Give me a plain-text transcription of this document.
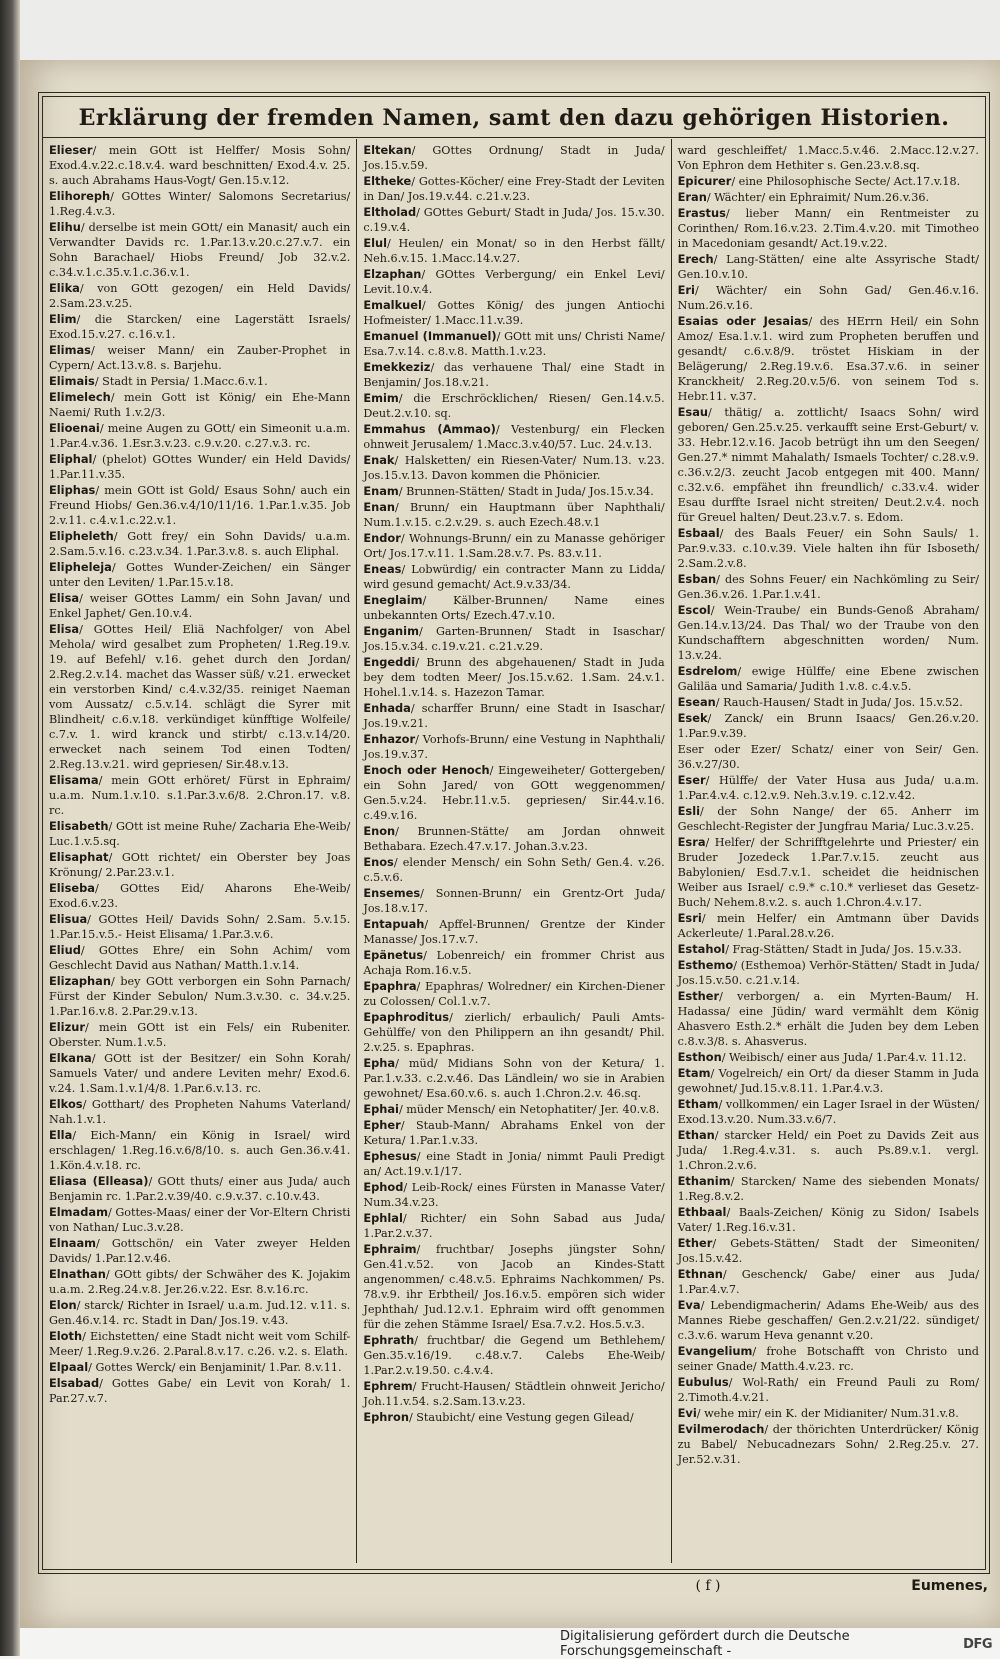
Erklärung der fremden Namen, samt den dazu gehörigen Historien.
Elieser/ mein GOtt ist Helffer/ Mosis Sohn/ Exod.4.v.22.c.18.v.4. ward beschnitten/ Exod.4.v. 25. s. auch Abrahams Haus-Vogt/ Gen.15.v.12.
Elihoreph/ GOttes Winter/ Salomons Secretarius/ 1.Reg.4.v.3.
Elihu/ derselbe ist mein GOtt/ ein Manasit/ auch ein Verwandter Davids rc. 1.Par.13.v.20.c.27.v.7. ein Sohn Barachael/ Hiobs Freund/ Job 32.v.2. c.34.v.1.c.35.v.1.c.36.v.1.
Elika/ von GOtt gezogen/ ein Held Davids/ 2.Sam.23.v.25.
Elim/ die Starcken/ eine Lagerstätt Israels/ Exod.15.v.27. c.16.v.1.
Elimas/ weiser Mann/ ein Zauber-Prophet in Cypern/ Act.13.v.8. s. Barjehu.
Elimais/ Stadt in Persia/ 1.Macc.6.v.1.
Elimelech/ mein Gott ist König/ ein Ehe-Mann Naemi/ Ruth 1.v.2/3.
Elioenai/ meine Augen zu GOtt/ ein Simeonit u.a.m. 1.Par.4.v.36. 1.Esr.3.v.23. c.9.v.20. c.27.v.3. rc.
Eliphal/ (phelot) GOttes Wunder/ ein Held Davids/ 1.Par.11.v.35.
Eliphas/ mein GOtt ist Gold/ Esaus Sohn/ auch ein Freund Hiobs/ Gen.36.v.4/10/11/16. 1.Par.1.v.35. Job 2.v.11. c.4.v.1.c.22.v.1.
Elipheleth/ Gott frey/ ein Sohn Davids/ u.a.m. 2.Sam.5.v.16. c.23.v.34. 1.Par.3.v.8. s. auch Eliphal.
Elipheleja/ Gottes Wunder-Zeichen/ ein Sänger unter den Leviten/ 1.Par.15.v.18.
Elisa/ weiser GOttes Lamm/ ein Sohn Javan/ und Enkel Japhet/ Gen.10.v.4.
Elisa/ GOttes Heil/ Eliä Nachfolger/ von Abel Mehola/ wird gesalbet zum Propheten/ 1.Reg.19.v. 19. auf Befehl/ v.16. gehet durch den Jordan/ 2.Reg.2.v.14. machet das Wasser süß/ v.21. erwecket ein verstorben Kind/ c.4.v.32/35. reiniget Naeman vom Aussatz/ c.5.v.14. schlägt die Syrer mit Blindheit/ c.6.v.18. verkündiget künfftige Wolfeile/ c.7.v. 1. wird kranck und stirbt/ c.13.v.14/20. erwecket nach seinem Tod einen Todten/ 2.Reg.13.v.21. wird gepriesen/ Sir.48.v.13.
Elisama/ mein GOtt erhöret/ Fürst in Ephraim/ u.a.m. Num.1.v.10. s.1.Par.3.v.6/8. 2.Chron.17. v.8. rc.
Elisabeth/ GOtt ist meine Ruhe/ Zacharia Ehe-Weib/ Luc.1.v.5.sq.
Elisaphat/ GOtt richtet/ ein Oberster bey Joas Krönung/ 2.Par.23.v.1.
Eliseba/ GOttes Eid/ Aharons Ehe-Weib/ Exod.6.v.23.
Elisua/ GOttes Heil/ Davids Sohn/ 2.Sam. 5.v.15. 1.Par.15.v.5.- Heist Elisama/ 1.Par.3.v.6.
Eliud/ GOttes Ehre/ ein Sohn Achim/ vom Geschlecht David aus Nathan/ Matth.1.v.14.
Elizaphan/ bey GOtt verborgen ein Sohn Parnach/ Fürst der Kinder Sebulon/ Num.3.v.30. c. 34.v.25. 1.Par.16.v.8. 2.Par.29.v.13.
Elizur/ mein GOtt ist ein Fels/ ein Rubeniter. Oberster. Num.1.v.5.
Elkana/ GOtt ist der Besitzer/ ein Sohn Korah/ Samuels Vater/ und andere Leviten mehr/ Exod.6. v.24. 1.Sam.1.v.1/4/8. 1.Par.6.v.13. rc.
Elkos/ Gotthart/ des Propheten Nahums Vaterland/ Nah.1.v.1.
Ella/ Eich-Mann/ ein König in Israel/ wird erschlagen/ 1.Reg.16.v.6/8/10. s. auch Gen.36.v.41. 1.Kön.4.v.18. rc.
Eliasa (Elleasa)/ GOtt thuts/ einer aus Juda/ auch Benjamin rc. 1.Par.2.v.39/40. c.9.v.37. c.10.v.43.
Elmadam/ Gottes-Maas/ einer der Vor-Eltern Christi von Nathan/ Luc.3.v.28.
Elnaam/ Gottschön/ ein Vater zweyer Helden Davids/ 1.Par.12.v.46.
Elnathan/ GOtt gibts/ der Schwäher des K. Jojakim u.a.m. 2.Reg.24.v.8. Jer.26.v.22. Esr. 8.v.16.rc.
Elon/ starck/ Richter in Israel/ u.a.m. Jud.12. v.11. s. Gen.46.v.14. rc. Stadt in Dan/ Jos.19. v.43.
Eloth/ Eichstetten/ eine Stadt nicht weit vom Schilf-Meer/ 1.Reg.9.v.26. 2.Paral.8.v.17. c.26. v.2. s. Elath.
Elpaal/ Gottes Werck/ ein Benjaminit/ 1.Par. 8.v.11.
Elsabad/ Gottes Gabe/ ein Levit von Korah/ 1. Par.27.v.7.
Eltekan/ GOttes Ordnung/ Stadt in Juda/ Jos.15.v.59.
Eltheke/ Gottes-Köcher/ eine Frey-Stadt der Leviten in Dan/ Jos.19.v.44. c.21.v.23.
Eltholad/ GOttes Geburt/ Stadt in Juda/ Jos. 15.v.30. c.19.v.4.
Elul/ Heulen/ ein Monat/ so in den Herbst fällt/ Neh.6.v.15. 1.Macc.14.v.27.
Elzaphan/ GOttes Verbergung/ ein Enkel Levi/ Levit.10.v.4.
Emalkuel/ Gottes König/ des jungen Antiochi Hofmeister/ 1.Macc.11.v.39.
Emanuel (Immanuel)/ GOtt mit uns/ Christi Name/ Esa.7.v.14. c.8.v.8. Matth.1.v.23.
Emekkeziz/ das verhauene Thal/ eine Stadt in Benjamin/ Jos.18.v.21.
Emim/ die Erschröcklichen/ Riesen/ Gen.14.v.5. Deut.2.v.10. sq.
Emmahus (Ammao)/ Vestenburg/ ein Flecken ohnweit Jerusalem/ 1.Macc.3.v.40/57. Luc. 24.v.13.
Enak/ Halsketten/ ein Riesen-Vater/ Num.13. v.23. Jos.15.v.13. Davon kommen die Phönicier.
Enam/ Brunnen-Stätten/ Stadt in Juda/ Jos.15.v.34.
Enan/ Brunn/ ein Hauptmann über Naphthali/ Num.1.v.15. c.2.v.29. s. auch Ezech.48.v.1
Endor/ Wohnungs-Brunn/ ein zu Manasse gehöriger Ort/ Jos.17.v.11. 1.Sam.28.v.7. Ps. 83.v.11.
Eneas/ Lobwürdig/ ein contracter Mann zu Lidda/ wird gesund gemacht/ Act.9.v.33/34.
Eneglaim/ Kälber-Brunnen/ Name eines unbekannten Orts/ Ezech.47.v.10.
Enganim/ Garten-Brunnen/ Stadt in Isaschar/ Jos.15.v.34. c.19.v.21. c.21.v.29.
Engeddi/ Brunn des abgehauenen/ Stadt in Juda bey dem todten Meer/ Jos.15.v.62. 1.Sam. 24.v.1. Hohel.1.v.14. s. Hazezon Tamar.
Enhada/ scharffer Brunn/ eine Stadt in Isaschar/ Jos.19.v.21.
Enhazor/ Vorhofs-Brunn/ eine Vestung in Naphthali/ Jos.19.v.37.
Enoch oder Henoch/ Eingeweiheter/ Gottergeben/ ein Sohn Jared/ von GOtt weggenommen/ Gen.5.v.24. Hebr.11.v.5. gepriesen/ Sir.44.v.16. c.49.v.16.
Enon/ Brunnen-Stätte/ am Jordan ohnweit Bethabara. Ezech.47.v.17. Johan.3.v.23.
Enos/ elender Mensch/ ein Sohn Seth/ Gen.4. v.26. c.5.v.6.
Ensemes/ Sonnen-Brunn/ ein Grentz-Ort Juda/ Jos.18.v.17.
Entapuah/ Apffel-Brunnen/ Grentze der Kinder Manasse/ Jos.17.v.7.
Epänetus/ Lobenreich/ ein frommer Christ aus Achaja Rom.16.v.5.
Epaphra/ Epaphras/ Wolredner/ ein Kirchen-Diener zu Colossen/ Col.1.v.7.
Epaphroditus/ zierlich/ erbaulich/ Pauli Amts-Gehülffe/ von den Philippern an ihn gesandt/ Phil. 2.v.25. s. Epaphras.
Epha/ müd/ Midians Sohn von der Ketura/ 1. Par.1.v.33. c.2.v.46. Das Ländlein/ wo sie in Arabien gewohnet/ Esa.60.v.6. s. auch 1.Chron.2.v. 46.sq.
Ephai/ müder Mensch/ ein Netophatiter/ Jer. 40.v.8.
Epher/ Staub-Mann/ Abrahams Enkel von der Ketura/ 1.Par.1.v.33.
Ephesus/ eine Stadt in Jonia/ nimmt Pauli Predigt an/ Act.19.v.1/17.
Ephod/ Leib-Rock/ eines Fürsten in Manasse Vater/ Num.34.v.23.
Ephlal/ Richter/ ein Sohn Sabad aus Juda/ 1.Par.2.v.37.
Ephraim/ fruchtbar/ Josephs jüngster Sohn/ Gen.41.v.52. von Jacob an Kindes-Statt angenommen/ c.48.v.5. Ephraims Nachkommen/ Ps. 78.v.9. ihr Erbtheil/ Jos.16.v.5. empören sich wider Jephthah/ Jud.12.v.1. Ephraim wird offt genommen für die zehen Stämme Israel/ Esa.7.v.2. Hos.5.v.3.
Ephrath/ fruchtbar/ die Gegend um Bethlehem/ Gen.35.v.16/19. c.48.v.7. Calebs Ehe-Weib/ 1.Par.2.v.19.50. c.4.v.4.
Ephrem/ Frucht-Hausen/ Städtlein ohnweit Jericho/ Joh.11.v.54. s.2.Sam.13.v.23.
Ephron/ Staubicht/ eine Vestung gegen Gilead/
ward geschleiffet/ 1.Macc.5.v.46. 2.Macc.12.v.27. Von Ephron dem Hethiter s. Gen.23.v.8.sq.
Epicurer/ eine Philosophische Secte/ Act.17.v.18.
Eran/ Wächter/ ein Ephraimit/ Num.26.v.36.
Erastus/ lieber Mann/ ein Rentmeister zu Corinthen/ Rom.16.v.23. 2.Tim.4.v.20. mit Timotheo in Macedoniam gesandt/ Act.19.v.22.
Erech/ Lang-Stätten/ eine alte Assyrische Stadt/ Gen.10.v.10.
Eri/ Wächter/ ein Sohn Gad/ Gen.46.v.16. Num.26.v.16.
Esaias oder Jesaias/ des HErrn Heil/ ein Sohn Amoz/ Esa.1.v.1. wird zum Propheten beruffen und gesandt/ c.6.v.8/9. tröstet Hiskiam in der Belägerung/ 2.Reg.19.v.6. Esa.37.v.6. in seiner Kranckheit/ 2.Reg.20.v.5/6. von seinem Tod s. Hebr.11. v.37.
Esau/ thätig/ a. zottlicht/ Isaacs Sohn/ wird geboren/ Gen.25.v.25. verkaufft seine Erst-Geburt/ v. 33. Hebr.12.v.16. Jacob betrügt ihn um den Seegen/ Gen.27.* nimmt Mahalath/ Ismaels Tochter/ c.28.v.9. c.36.v.2/3. zeucht Jacob entgegen mit 400. Mann/ c.32.v.6. empfähet ihn freundlich/ c.33.v.4. wider Esau durffte Israel nicht streiten/ Deut.2.v.4. noch für Greuel halten/ Deut.23.v.7. s. Edom.
Esbaal/ des Baals Feuer/ ein Sohn Sauls/ 1. Par.9.v.33. c.10.v.39. Viele halten ihn für Isboseth/ 2.Sam.2.v.8.
Esban/ des Sohns Feuer/ ein Nachkömling zu Seir/ Gen.36.v.26. 1.Par.1.v.41.
Escol/ Wein-Traube/ ein Bunds-Genoß Abraham/ Gen.14.v.13/24. Das Thal/ wo der Traube von den Kundschafftern abgeschnitten worden/ Num. 13.v.24.
Esdrelom/ ewige Hülffe/ eine Ebene zwischen Galiläa und Samaria/ Judith 1.v.8. c.4.v.5.
Esean/ Rauch-Hausen/ Stadt in Juda/ Jos. 15.v.52.
Esek/ Zanck/ ein Brunn Isaacs/ Gen.26.v.20. 1.Par.9.v.39.
Eser oder Ezer/ Schatz/ einer von Seir/ Gen. 36.v.27/30.
Eser/ Hülffe/ der Vater Husa aus Juda/ u.a.m. 1.Par.4.v.4. c.12.v.9. Neh.3.v.19. c.12.v.42.
Esli/ der Sohn Nange/ der 65. Anherr im Geschlecht-Register der Jungfrau Maria/ Luc.3.v.25.
Esra/ Helfer/ der Schrifftgelehrte und Priester/ ein Bruder Jozedeck 1.Par.7.v.15. zeucht aus Babylonien/ Esd.7.v.1. scheidet die heidnischen Weiber aus Israel/ c.9.* c.10.* verlieset das Gesetz-Buch/ Nehem.8.v.2. s. auch 1.Chron.4.v.17.
Esri/ mein Helfer/ ein Amtmann über Davids Ackerleute/ 1.Paral.28.v.26.
Estahol/ Frag-Stätten/ Stadt in Juda/ Jos. 15.v.33.
Esthemo/ (Esthemoa) Verhör-Stätten/ Stadt in Juda/ Jos.15.v.50. c.21.v.14.
Esther/ verborgen/ a. ein Myrten-Baum/ H. Hadassa/ eine Jüdin/ ward vermählt dem König Ahasvero Esth.2.* erhält die Juden bey dem Leben c.8.v.3/8. s. Ahasverus.
Esthon/ Weibisch/ einer aus Juda/ 1.Par.4.v. 11.12.
Etam/ Vogelreich/ ein Ort/ da dieser Stamm in Juda gewohnet/ Jud.15.v.8.11. 1.Par.4.v.3.
Etham/ vollkommen/ ein Lager Israel in der Wüsten/ Exod.13.v.20. Num.33.v.6/7.
Ethan/ starcker Held/ ein Poet zu Davids Zeit aus Juda/ 1.Reg.4.v.31. s. auch Ps.89.v.1. vergl. 1.Chron.2.v.6.
Ethanim/ Starcken/ Name des siebenden Monats/ 1.Reg.8.v.2.
Ethbaal/ Baals-Zeichen/ König zu Sidon/ Isabels Vater/ 1.Reg.16.v.31.
Ether/ Gebets-Stätten/ Stadt der Simeoniten/ Jos.15.v.42.
Ethnan/ Geschenck/ Gabe/ einer aus Juda/ 1.Par.4.v.7.
Eva/ Lebendigmacherin/ Adams Ehe-Weib/ aus des Mannes Riebe geschaffen/ Gen.2.v.21/22. sündiget/ c.3.v.6. warum Heva genannt v.20.
Evangelium/ frohe Botschafft von Christo und seiner Gnade/ Matth.4.v.23. rc.
Eubulus/ Wol-Rath/ ein Freund Pauli zu Rom/ 2.Timoth.4.v.21.
Evi/ wehe mir/ ein K. der Midianiter/ Num.31.v.8.
Evilmerodach/ der thörichten Unterdrücker/ König zu Babel/ Nebucadnezars Sohn/ 2.Reg.25.v. 27. Jer.52.v.31.
( f )	Eumenes,
Digitalisierung gefördert durch die Deutsche Forschungsgemeinschaft -	DFG
